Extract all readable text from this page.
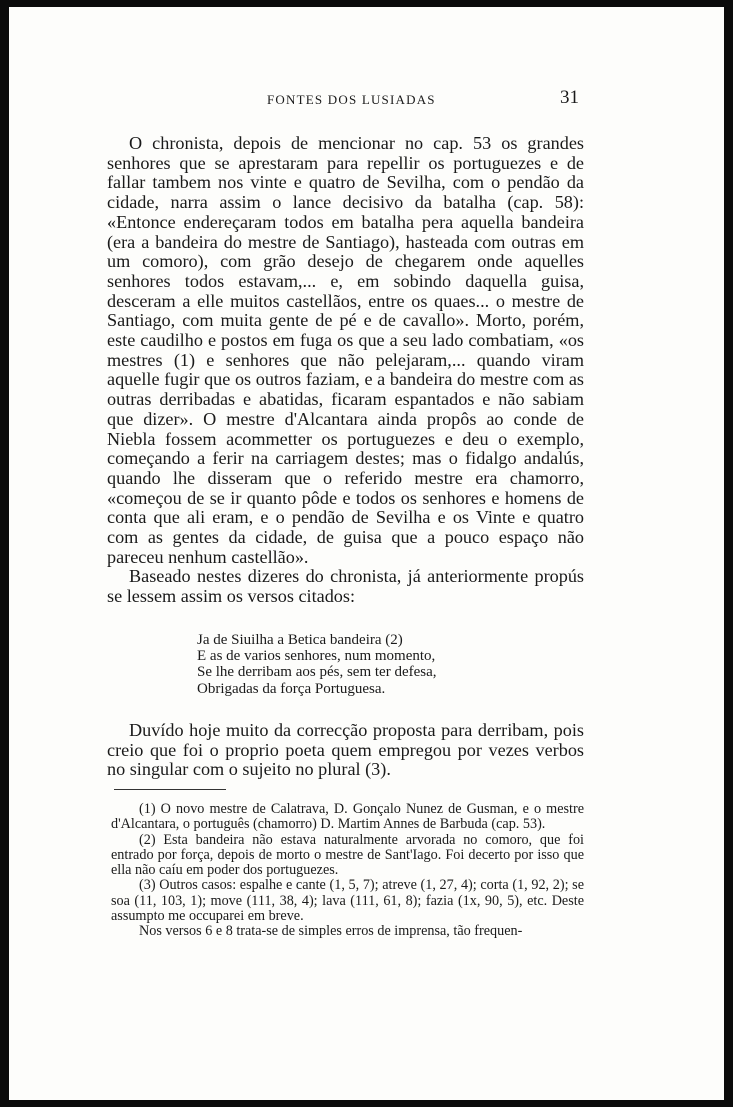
FONTES DOS LUSIADAS	31

O chronista, depois de mencionar no cap. 53 os grandes senhores que se aprestaram para repellir os portuguezes e de fallar tambem nos vinte e quatro de Sevilha, com o pendão da cidade, narra assim o lance decisivo da batalha (cap. 58): «Entonce endereçaram todos em batalha pera aquella bandeira (era a bandeira do mestre de Santiago), hasteada com outras em um comoro), com grão desejo de chegarem onde aquelles senhores todos estavam,... e, em sobindo daquella guisa, desceram a elle muitos castellãos, entre os quaes... o mestre de Santiago, com muita gente de pé e de cavallo». Morto, porém, este caudilho e postos em fuga os que a seu lado combatiam, «os mestres (1) e senhores que não pelejaram,... quando viram aquelle fugir que os outros faziam, e a bandeira do mestre com as outras derribadas e abatidas, ficaram espantados e não sabiam que dizer». O mestre d'Alcantara ainda propôs ao conde de Niebla fossem acommetter os portuguezes e deu o exemplo, começando a ferir na carriagem destes; mas o fidalgo andalús, quando lhe disseram que o referido mestre era chamorro, «começou de se ir quanto pôde e todos os senhores e homens de conta que ali eram, e o pendão de Sevilha e os Vinte e quatro com as gentes da cidade, de guisa que a pouco espaço não pareceu nenhum castellão».

Baseado nestes dizeres do chronista, já anteriormente propús se lessem assim os versos citados:

Ja de Siuilha a Betica bandeira (2)
E as de varios senhores, num momento,
Se lhe derribam aos pés, sem ter defesa,
Obrigadas da força Portuguesa.

Duvído hoje muito da correcção proposta para derribam, pois creio que foi o proprio poeta quem empregou por vezes verbos no singular com o sujeito no plural (3).

(1) O novo mestre de Calatrava, D. Gonçalo Nunez de Gusman, e o mestre d'Alcantara, o português (chamorro) D. Martim Annes de Barbuda (cap. 53).

(2) Esta bandeira não estava naturalmente arvorada no comoro, que foi entrado por força, depois de morto o mestre de Sant'Iago. Foi decerto por isso que ella não caíu em poder dos portuguezes.

(3) Outros casos: espalhe e cante (1, 5, 7); atreve (1, 27, 4); corta (1, 92, 2); se soa (11, 103, 1); move (111, 38, 4); lava (111, 61, 8); fazia (1x, 90, 5), etc. Deste assumpto me occuparei em breve.

Nos versos 6 e 8 trata-se de simples erros de imprensa, tão frequen-
